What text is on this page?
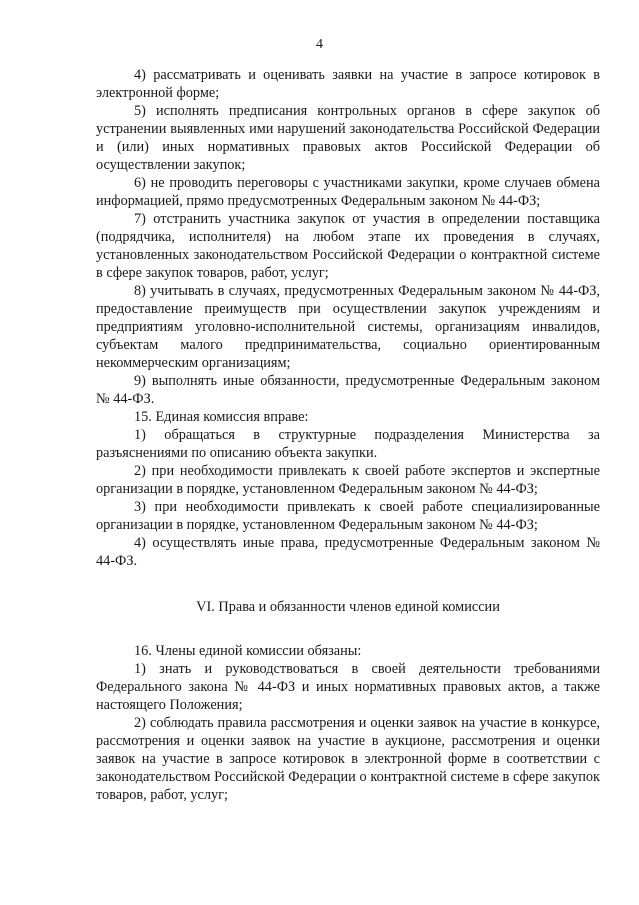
4

4) рассматривать и оценивать заявки на участие в запросе котировок в электронной форме;

5) исполнять предписания контрольных органов в сфере закупок об устранении выявленных ими нарушений законодательства Российской Федерации и (или) иных нормативных правовых актов Российской Федерации об осуществлении закупок;

6) не проводить переговоры с участниками закупки, кроме случаев обмена информацией, прямо предусмотренных Федеральным законом № 44-ФЗ;

7) отстранить участника закупок от участия в определении поставщика (подрядчика, исполнителя) на любом этапе их проведения в случаях, установленных законодательством Российской Федерации о контрактной системе в сфере закупок товаров, работ, услуг;

8) учитывать в случаях, предусмотренных Федеральным законом № 44-ФЗ, предоставление преимуществ при осуществлении закупок учреждениям и предприятиям уголовно-исполнительной системы, организациям инвалидов, субъектам малого предпринимательства, социально ориентированным некоммерческим организациям;

9) выполнять иные обязанности, предусмотренные Федеральным законом № 44-ФЗ.

15. Единая комиссия вправе:

1) обращаться в структурные подразделения Министерства за разъяснениями по описанию объекта закупки.

2) при необходимости привлекать к своей работе экспертов и экспертные организации в порядке, установленном Федеральным законом № 44-ФЗ;

3) при необходимости привлекать к своей работе специализированные организации в порядке, установленном Федеральным законом № 44-ФЗ;

4) осуществлять иные права, предусмотренные Федеральным законом № 44-ФЗ.

VI. Права и обязанности членов единой комиссии

16. Члены единой комиссии обязаны:

1) знать и руководствоваться в своей деятельности требованиями Федерального закона № 44-ФЗ и иных нормативных правовых актов, а также настоящего Положения;

2) соблюдать правила рассмотрения и оценки заявок на участие в конкурсе, рассмотрения и оценки заявок на участие в аукционе, рассмотрения и оценки заявок на участие в запросе котировок в электронной форме в соответствии с законодательством Российской Федерации о контрактной системе в сфере закупок товаров, работ, услуг;
